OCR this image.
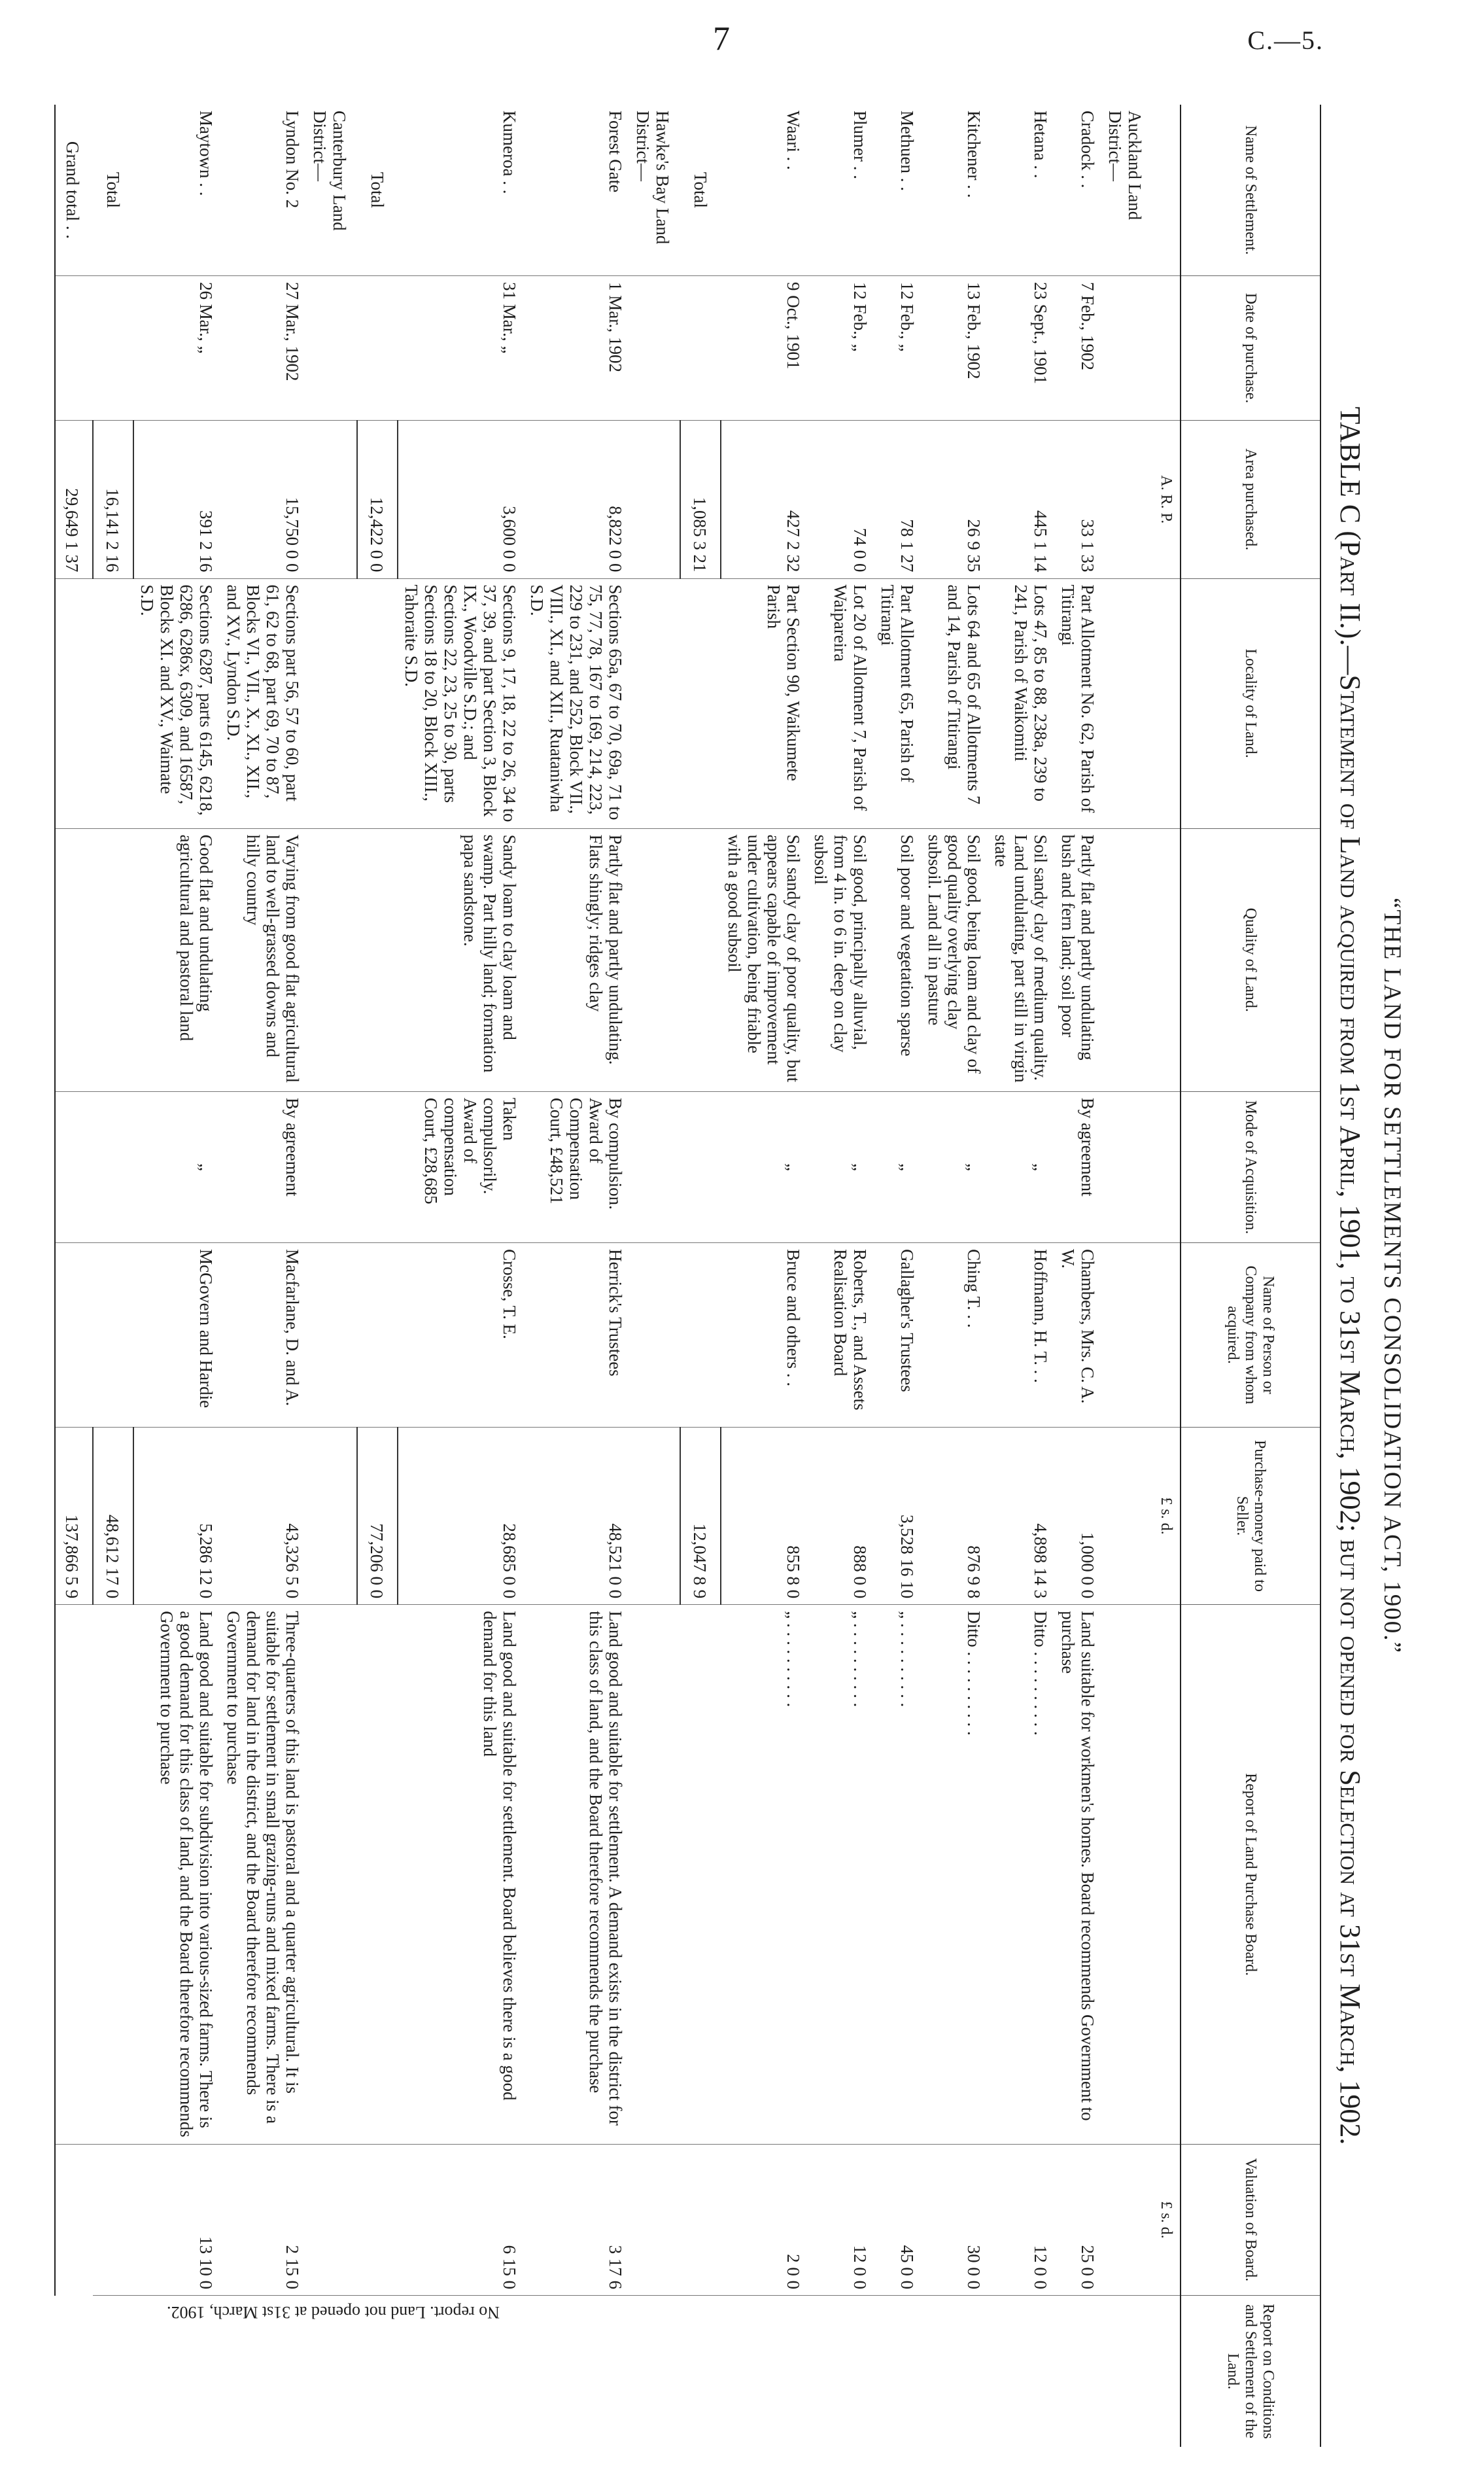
7	C.—5.
“THE LAND FOR SETTLEMENTS CONSOLIDATION ACT, 1900.”
TABLE C (Part II.).—Statement of Land acquired from 1st April, 1901, to 31st March, 1902; but not opened for Selection at 31st March, 1902.
Name of Settlement.	Date of purchase.	Area purchased.	Locality of Land.	Quality of Land.	Mode of Acquisition.	Name of Person or Company from whom acquired.	Purchase-money paid to Seller.	Report of Land Purchase Board.	Valuation of Board.	Report on Conditions and Settlement of the Land.
		A. R. P.					£ s. d.		£ s. d.	No report. Land not opened at 31st March, 1902.

Auckland Land District—										
Cradock . .	7 Feb., 1902	33 1 33	Part Allotment No. 62, Parish of Titirangi	Partly flat and partly undulating bush and fern land; soil poor	By agreement	Chambers, Mrs. C. A. W.	1,000 0 0	Land suitable for workmen's homes. Board recommends Government to purchase	25 0 0	
Hetana . .	23 Sept., 1901	445 1 14	Lots 47, 85 to 88, 238a, 239 to 241, Parish of Waikomiti	Soil sandy clay of medium quality. Land undulating, part still in virgin state	„	Hoffmann, H. T. . .	4,898 14 3	Ditto . . . . . . . . . .	12 0 0	
Kitchener . .	13 Feb., 1902	26 9 35	Lots 64 and 65 of Allotments 7 and 14, Parish of Titirangi	Soil good, being loam and clay of good quality overlying clay subsoil. Land all in pasture	„	Ching T. . .	876 9 8	Ditto . . . . . . . . . .	30 0 0	
Methuen . .	12 Feb., „	78 1 27	Part Allotment 65, Parish of Titirangi	Soil poor and vegetation sparse	„	Gallagher's Trustees	3,528 16 10	„ . . . . . . . . . .	45 0 0	
Plumer . .	12 Feb., „	74 0 0	Lot 20 of Allotment 7, Parish of Waipareira	Soil good, principally alluvial, from 4 in. to 6 in. deep on clay subsoil	„	Roberts, T., and Assets Realisation Board	888 0 0	„ . . . . . . . . . .	12 0 0	
Waari . .	9 Oct., 1901	427 2 32	Part Section 90, Waikumete Parish	Soil sandy clay of poor quality, but appears capable of improvement under cultivation, being friable with a good subsoil	„	Bruce and others . .	855 8 0	„ . . . . . . . . . .	2 0 0	
Total		1,085 3 21					12,047 8 9			
Hawke's Bay Land District—										
Forest Gate	1 Mar., 1902	8,822 0 0	Sections 65a, 67 to 70, 69a, 71 to 75, 77, 78, 167 to 169, 214, 223, 229 to 231, and 252, Block VII., VIII., XI., and XII., Ruataniwha S.D.	Partly flat and partly undulating. Flats shingly; ridges clay	By compulsion. Award of Compensation Court, £48,521	Herrick's Trustees	48,521 0 0	Land good and suitable for settlement. A demand exists in the district for this class of land, and the Board therefore recommends the purchase	3 17 6	
Kumeroa . .	31 Mar., „	3,600 0 0	Sections 9, 17, 18, 22 to 26, 34 to 37, 39, and part Section 3, Block IX., Woodville S.D.; and Sections 22, 23, 25 to 30, parts Sections 18 to 20, Block XIII., Tahoraite S.D.	Sandy loam to clay loam and swamp. Part hilly land; formation papa sandstone.	Taken compulsorily. Award of compensation Court, £28,685	Crosse, T. E.	28,685 0 0	Land good and suitable for settlement. Board believes there is a good demand for this land	6 15 0	
Total		12,422 0 0					77,206 0 0			
Canterbury Land District—										
Lyndon No. 2	27 Mar., 1902	15,750 0 0	Sections part 56, 57 to 60, part 61, 62 to 68, part 69, 70 to 87, Blocks VI., VII., X., XI., XII., and XV., Lyndon S.D.	Varying from good flat agricultural land to well-grassed downs and hilly country	By agreement	Macfarlane, D. and A.	43,326 5 0	Three-quarters of this land is pastoral and a quarter agricultural. It is suitable for settlement in small grazing-runs and mixed farms. There is a demand for land in the district, and the Board therefore recommends Government to purchase	2 15 0	
Maytown . .	26 Mar., „	391 2 16	Sections 6287, parts 6145, 6218, 6286, 6286x, 6309, and 16587, Blocks XI. and XV., Waimate S.D.	Good flat and undulating agricultural and pastoral land	„	McGovern and Hardie	5,286 12 0	Land good and suitable for subdivision into various-sized farms. There is a good demand for this class of land, and the Board therefore recommends Government to purchase	13 10 0	
Total		16,141 2 16					48,612 17 0			
Grand total . .		29,649 1 37					137,866 5 9			
